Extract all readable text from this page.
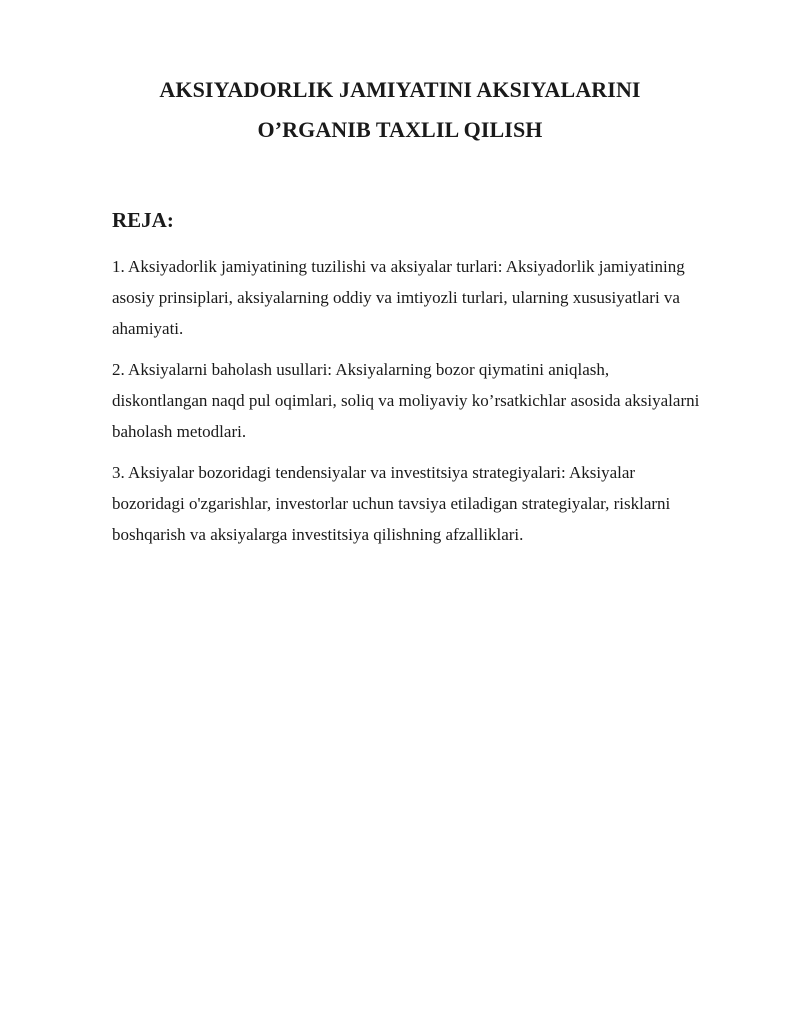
AKSIYADORLIK JAMIYATINI AKSIYALARINI
O’RGANIB TAXLIL QILISH
REJA:
1. Aksiyadorlik jamiyatining tuzilishi va aksiyalar turlari: Aksiyadorlik jamiyatining
asosiy prinsiplari, aksiyalarning oddiy va imtiyozli turlari, ularning xususiyatlari va
ahamiyati.
2. Aksiyalarni baholash usullari: Aksiyalarning bozor qiymatini aniqlash,
diskontlangan naqd pul oqimlari, soliq va moliyaviy ko’rsatkichlar asosida aksiyalarni
baholash metodlari.
3. Aksiyalar bozoridagi tendensiyalar va investitsiya strategiyalari: Aksiyalar
bozoridagi o'zgarishlar, investorlar uchun tavsiya etiladigan strategiyalar, risklarni
boshqarish va aksiyalarga investitsiya qilishning afzalliklari.
